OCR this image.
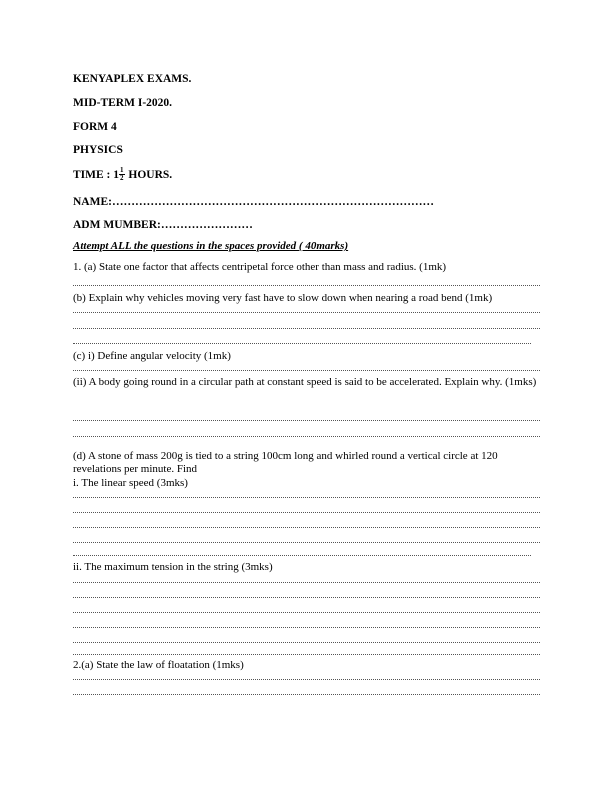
KENYAPLEX EXAMS.
MID-TERM I-2020.
FORM 4
PHYSICS
TIME : $1 \frac{1}{2}$ HOURS.
NAME:…………………………………………………………………………
ADM MUMBER:……………………
Attempt ALL the questions in the spaces provided ( 40marks)
1. (a) State one factor that affects centripetal force other than mass and radius. (1mk)
(b) Explain why vehicles moving very fast have to slow down when nearing a road bend (1mk)
(c) i) Define angular velocity (1mk)
(ii) A body going round in a circular path at constant speed is said to be accelerated. Explain why. (1mks)
(d) A stone of mass 200g is tied to a string 100cm long and whirled round a vertical circle at 120 revelations per minute. Find
i. The linear speed (3mks)
ii. The maximum tension in the string (3mks)
2.(a) State the law of floatation (1mks)
